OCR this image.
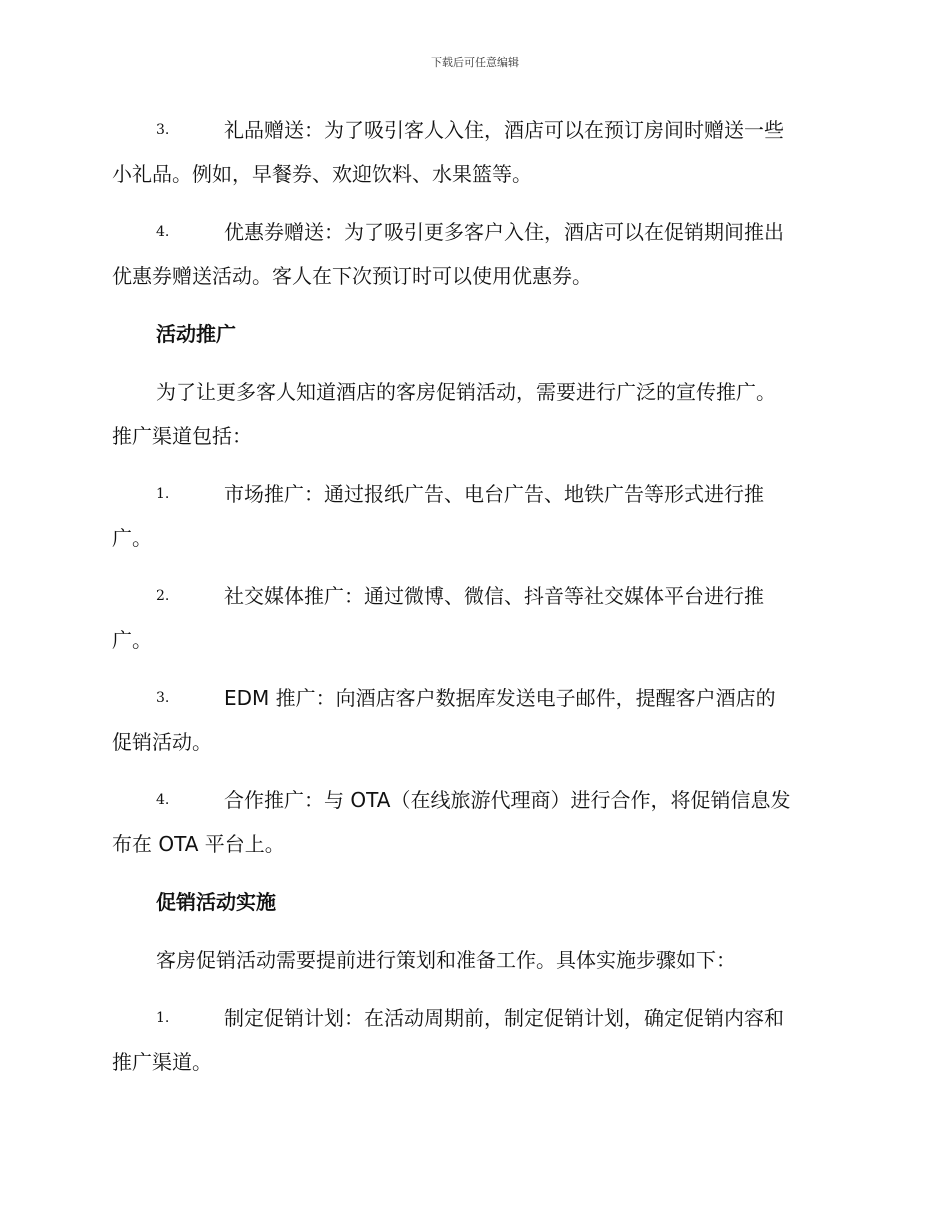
下载后可任意编辑
3.	礼品赠送：为了吸引客人入住，酒店可以在预订房间时赠送一些
小礼品。例如，早餐券、欢迎饮料、水果篮等。
4.	优惠券赠送：为了吸引更多客户入住，酒店可以在促销期间推出
优惠券赠送活动。客人在下次预订时可以使用优惠券。
活动推广
为了让更多客人知道酒店的客房促销活动，需要进行广泛的宣传推广。
推广渠道包括：
1.	市场推广：通过报纸广告、电台广告、地铁广告等形式进行推
广。
2.	社交媒体推广：通过微博、微信、抖音等社交媒体平台进行推
广。
3.	EDM 推广：向酒店客户数据库发送电子邮件，提醒客户酒店的
促销活动。
4.	合作推广：与 OTA（在线旅游代理商）进行合作，将促销信息发
布在 OTA 平台上。
促销活动实施
客房促销活动需要提前进行策划和准备工作。具体实施步骤如下：
1.	制定促销计划：在活动周期前，制定促销计划，确定促销内容和
推广渠道。
